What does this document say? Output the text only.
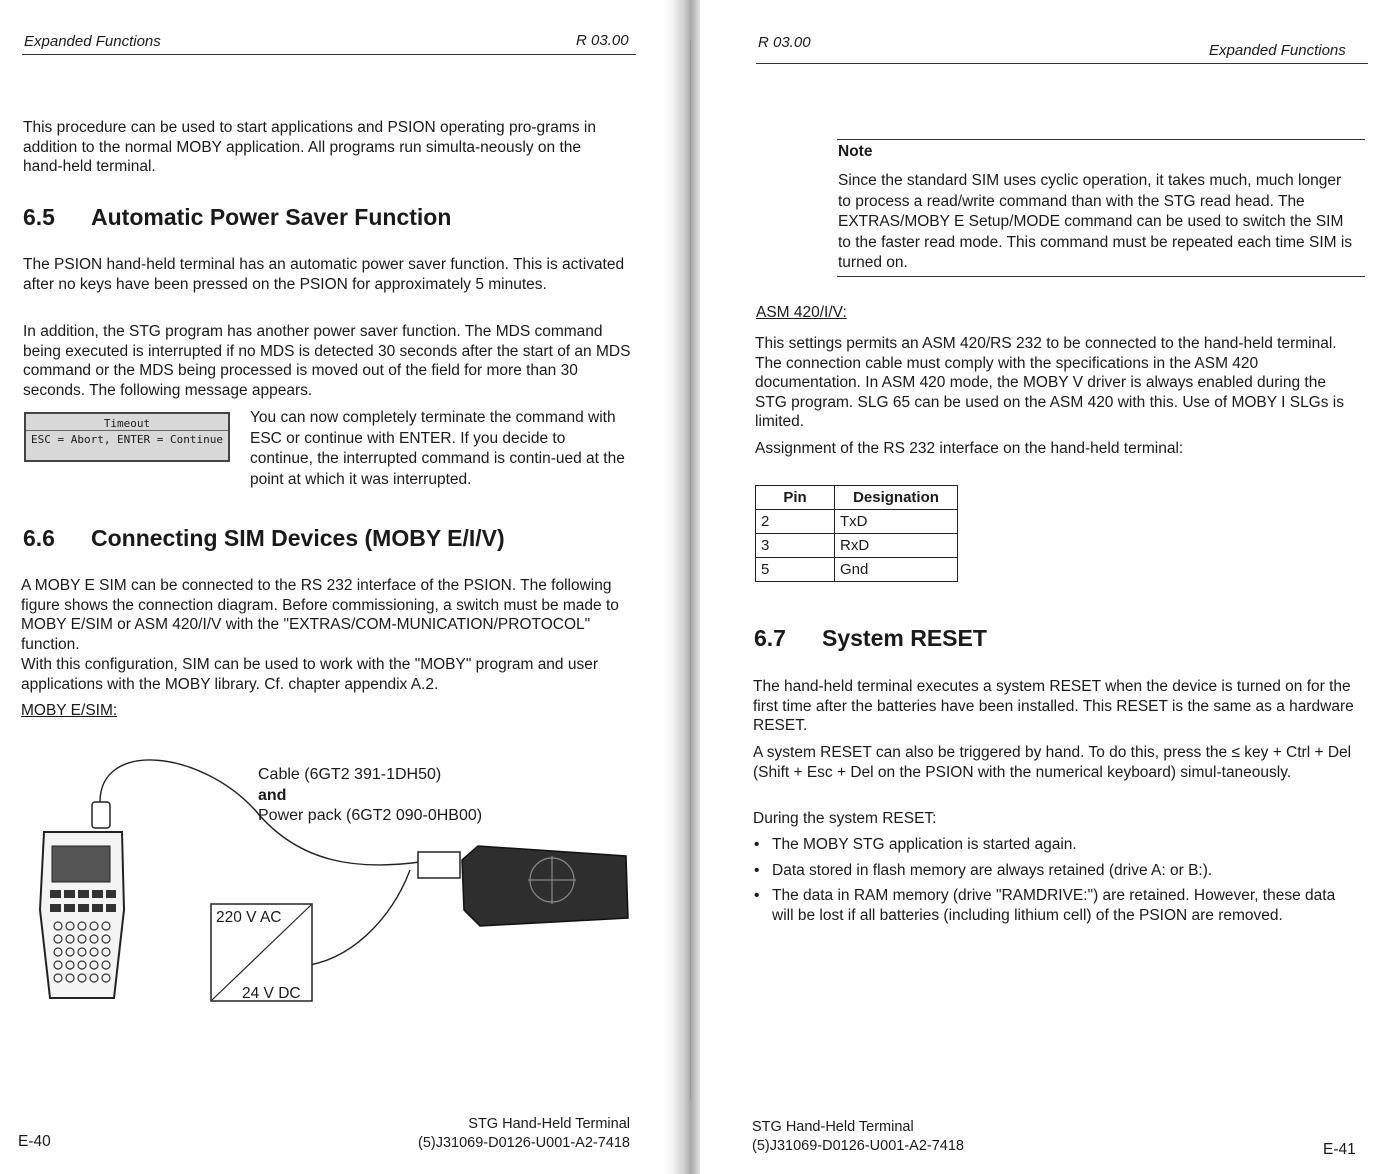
Expanded Functions	R 03.00

This procedure can be used to start applications and PSION operating pro-grams in addition to the normal MOBY application. All programs run simulta-neously on the hand-held terminal.

6.5 Automatic Power Saver Function

The PSION hand-held terminal has an automatic power saver function. This is activated after no keys have been pressed on the PSION for approximately 5 minutes.

In addition, the STG program has another power saver function. The MDS command being executed is interrupted if no MDS is detected 30 seconds after the start of an MDS command or the MDS being processed is moved out of the field for more than 30 seconds. The following message appears.

Timeout
ESC = Abort, ENTER = Continue

You can now completely terminate the command with ESC or continue with ENTER. If you decide to continue, the interrupted command is contin-ued at the point at which it was interrupted.

6.6 Connecting SIM Devices (MOBY E/I/V)

A MOBY E SIM can be connected to the RS 232 interface of the PSION. The following figure shows the connection diagram. Before commissioning, a switch must be made to MOBY E/SIM or ASM 420/I/V with the "EXTRAS/COM-MUNICATION/PROTOCOL" function.

With this configuration, SIM can be used to work with the "MOBY" program and user applications with the MOBY library. Cf. chapter appendix A.2.

MOBY E/SIM:
220 V AC
24 V DC
Cable (6GT2 391-1DH50)
and
Power pack (6GT2 090-0HB00)
E-40
STG Hand-Held Terminal
(5)J31069-D0126-U001-A2-7418
R 03.00	Expanded Functions
Note

Since the standard SIM uses cyclic operation, it takes much, much longer to process a read/write command than with the STG read head. The EXTRAS/MOBY E Setup/MODE command can be used to switch the SIM to the faster read mode. This command must be repeated each time SIM is turned on.

ASM 420/I/V:

This settings permits an ASM 420/RS 232 to be connected to the hand-held terminal. The connection cable must comply with the specifications in the ASM 420 documentation. In ASM 420 mode, the MOBY V driver is always enabled during the STG program. SLG 65 can be used on the ASM 420 with this. Use of MOBY I SLGs is limited.

Assignment of the RS 232 interface on the hand-held terminal:

Pin	Designation
2	TxD
3	RxD
5	Gnd
6.7 System RESET

The hand-held terminal executes a system RESET when the device is turned on for the first time after the batteries have been installed. This RESET is the same as a hardware RESET.

A system RESET can also be triggered by hand. To do this, press the ≤ key + Ctrl + Del (Shift + Esc + Del on the PSION with the numerical keyboard) simul-taneously.

During the system RESET:

• The MOBY STG application is started again.
• Data stored in flash memory are always retained (drive A: or B:).
• The data in RAM memory (drive "RAMDRIVE:") are retained. However, these data will be lost if all batteries (including lithium cell) of the PSION are removed.
STG Hand-Held Terminal
(5)J31069-D0126-U001-A2-7418	E-41
